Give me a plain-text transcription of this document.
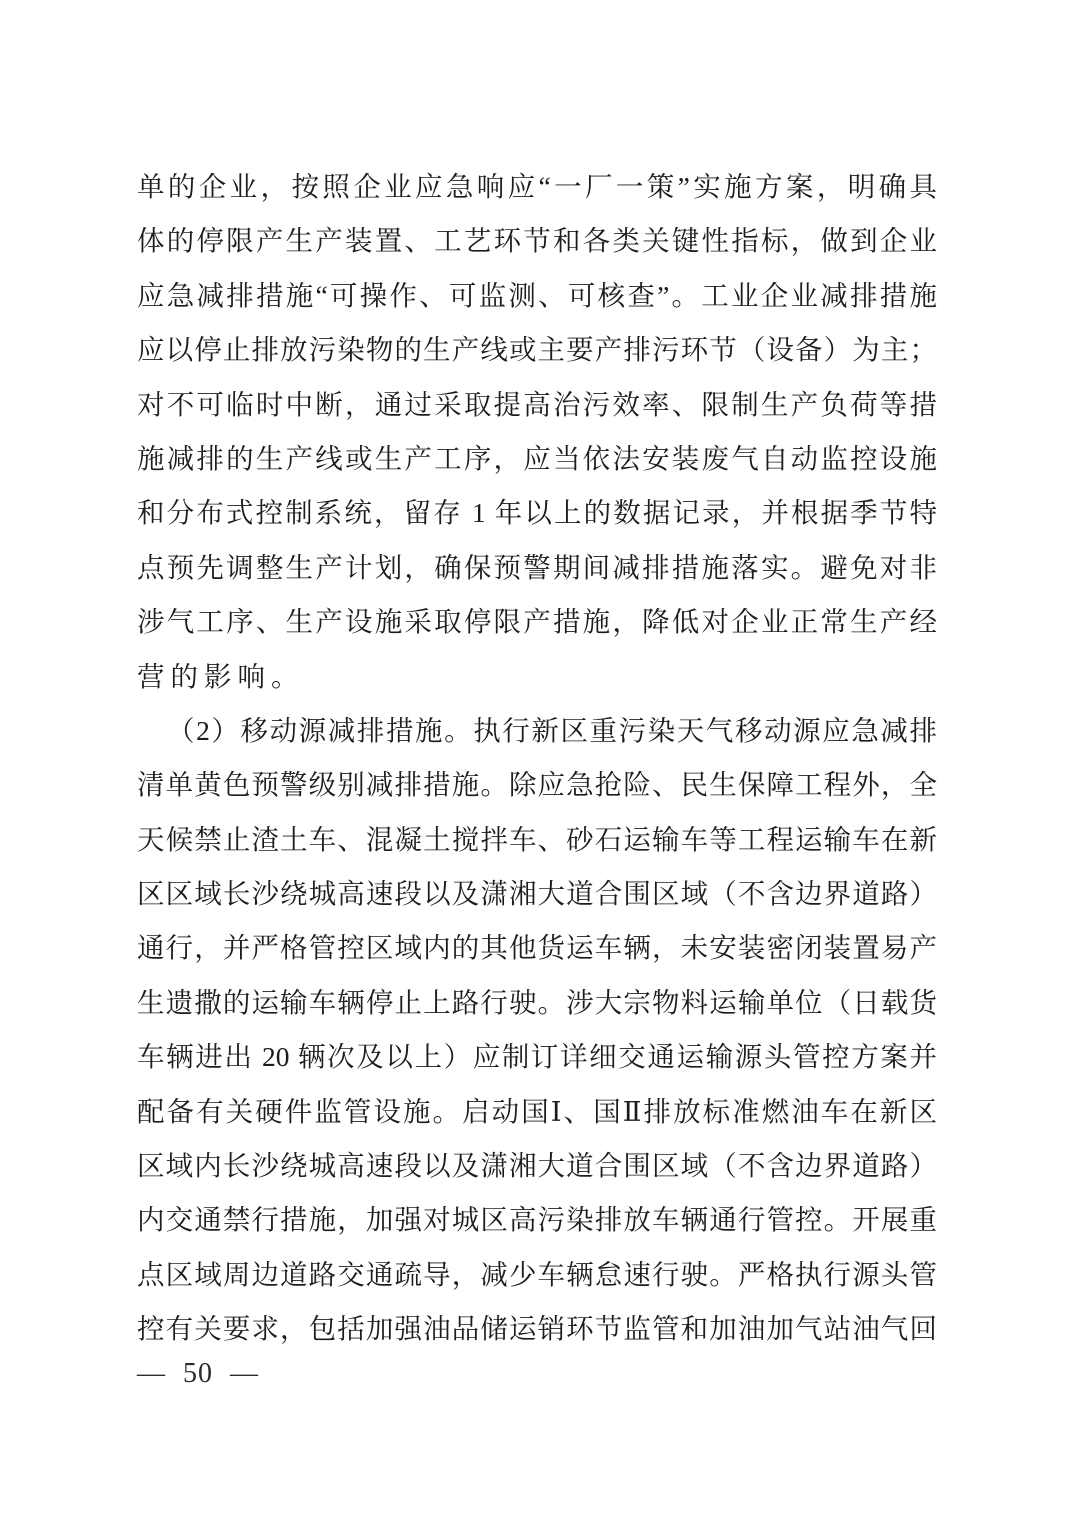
单的企业，按照企业应急响应“一厂一策”实施方案，明确具
体的停限产生产装置、工艺环节和各类关键性指标，做到企业
应急减排措施“可操作、可监测、可核查”。工业企业减排措施
应以停止排放污染物的生产线或主要产排污环节（设备）为主；
对不可临时中断，通过采取提高治污效率、限制生产负荷等措
施减排的生产线或生产工序，应当依法安装废气自动监控设施
和分布式控制系统，留存 1 年以上的数据记录，并根据季节特
点预先调整生产计划，确保预警期间减排措施落实。避免对非
涉气工序、生产设施采取停限产措施，降低对企业正常生产经
营的影响。
（2）移动源减排措施。执行新区重污染天气移动源应急减排
清单黄色预警级别减排措施。除应急抢险、民生保障工程外，全
天候禁止渣土车、混凝土搅拌车、砂石运输车等工程运输车在新
区区域长沙绕城高速段以及潇湘大道合围区域（不含边界道路）
通行，并严格管控区域内的其他货运车辆，未安装密闭装置易产
生遗撒的运输车辆停止上路行驶。涉大宗物料运输单位（日载货
车辆进出 20 辆次及以上）应制订详细交通运输源头管控方案并
配备有关硬件监管设施。启动国Ⅰ、国Ⅱ排放标准燃油车在新区
区域内长沙绕城高速段以及潇湘大道合围区域（不含边界道路）
内交通禁行措施，加强对城区高污染排放车辆通行管控。开展重
点区域周边道路交通疏导，减少车辆怠速行驶。严格执行源头管
控有关要求，包括加强油品储运销环节监管和加油加气站油气回
— 50 —
